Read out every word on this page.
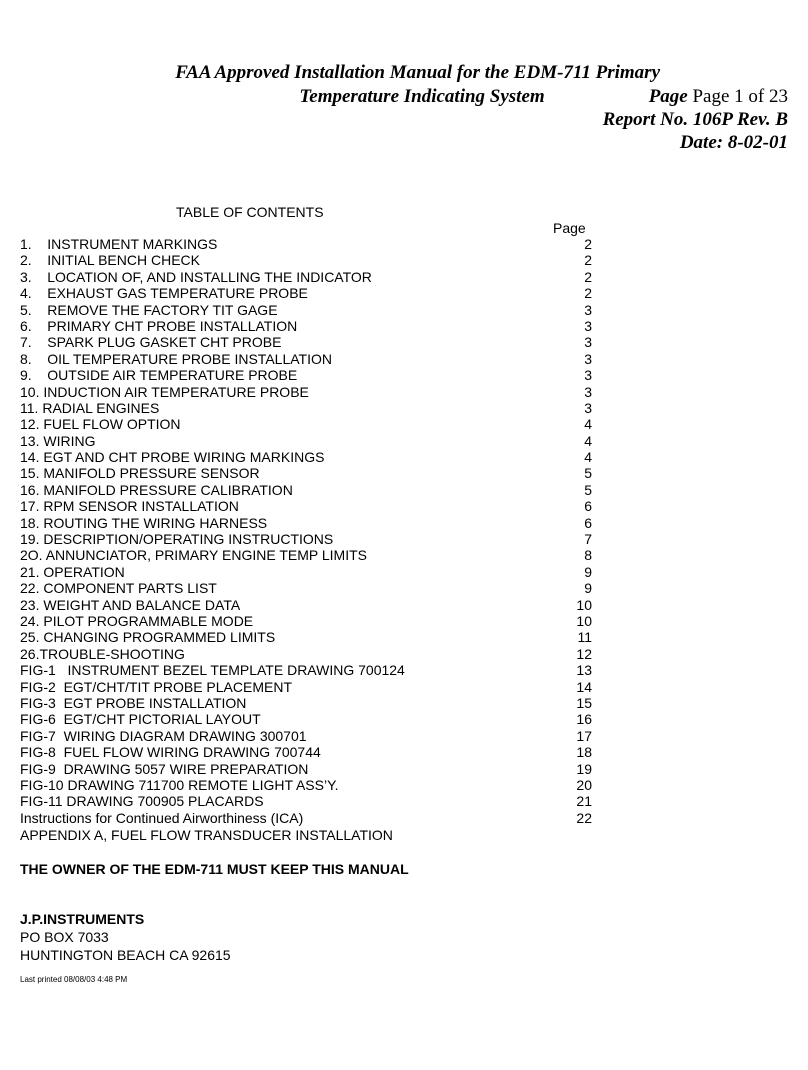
FAA Approved Installation Manual for the EDM-711 Primary
Temperature Indicating System	Page Page 1 of 23
Report No. 106P Rev. B
Date: 8-02-01
TABLE OF CONTENTS
Page
1. INSTRUMENT MARKINGS	2
2. INITIAL BENCH CHECK	2
3. LOCATION OF, AND INSTALLING THE INDICATOR	2
4. EXHAUST GAS TEMPERATURE PROBE	2
5. REMOVE THE FACTORY TIT GAGE	3
6. PRIMARY CHT PROBE INSTALLATION	3
7. SPARK PLUG GASKET CHT PROBE	3
8. OIL TEMPERATURE PROBE INSTALLATION	3
9. OUTSIDE AIR TEMPERATURE PROBE	3
10. INDUCTION AIR TEMPERATURE PROBE	3
11. RADIAL ENGINES	3
12. FUEL FLOW OPTION	4
13. WIRING	4
14. EGT AND CHT PROBE WIRING MARKINGS	4
15. MANIFOLD PRESSURE SENSOR	5
16. MANIFOLD PRESSURE CALIBRATION	5
17. RPM SENSOR INSTALLATION	6
18. ROUTING THE WIRING HARNESS	6
19. DESCRIPTION/OPERATING INSTRUCTIONS	7
2O. ANNUNCIATOR, PRIMARY ENGINE TEMP LIMITS	8
21. OPERATION	9
22. COMPONENT PARTS LIST	9
23. WEIGHT AND BALANCE DATA	10
24. PILOT PROGRAMMABLE MODE	10
25. CHANGING PROGRAMMED LIMITS	11
26.TROUBLE-SHOOTING	12
FIG-1 INSTRUMENT BEZEL TEMPLATE DRAWING 700124	13
FIG-2 EGT/CHT/TIT PROBE PLACEMENT	14
FIG-3 EGT PROBE INSTALLATION	15
FIG-6 EGT/CHT PICTORIAL LAYOUT	16
FIG-7 WIRING DIAGRAM DRAWING 300701	17
FIG-8 FUEL FLOW WIRING DRAWING 700744	18
FIG-9 DRAWING 5057 WIRE PREPARATION	19
FIG-10 DRAWING 711700 REMOTE LIGHT ASS’Y.	20
FIG-11 DRAWING 700905 PLACARDS	21
Instructions for Continued Airworthiness (ICA)	22
APPENDIX A, FUEL FLOW TRANSDUCER INSTALLATION
THE OWNER OF THE EDM-711 MUST KEEP THIS MANUAL
J.P.INSTRUMENTS
PO BOX 7033
HUNTINGTON BEACH CA 92615
Last printed 08/08/03 4:48 PM
